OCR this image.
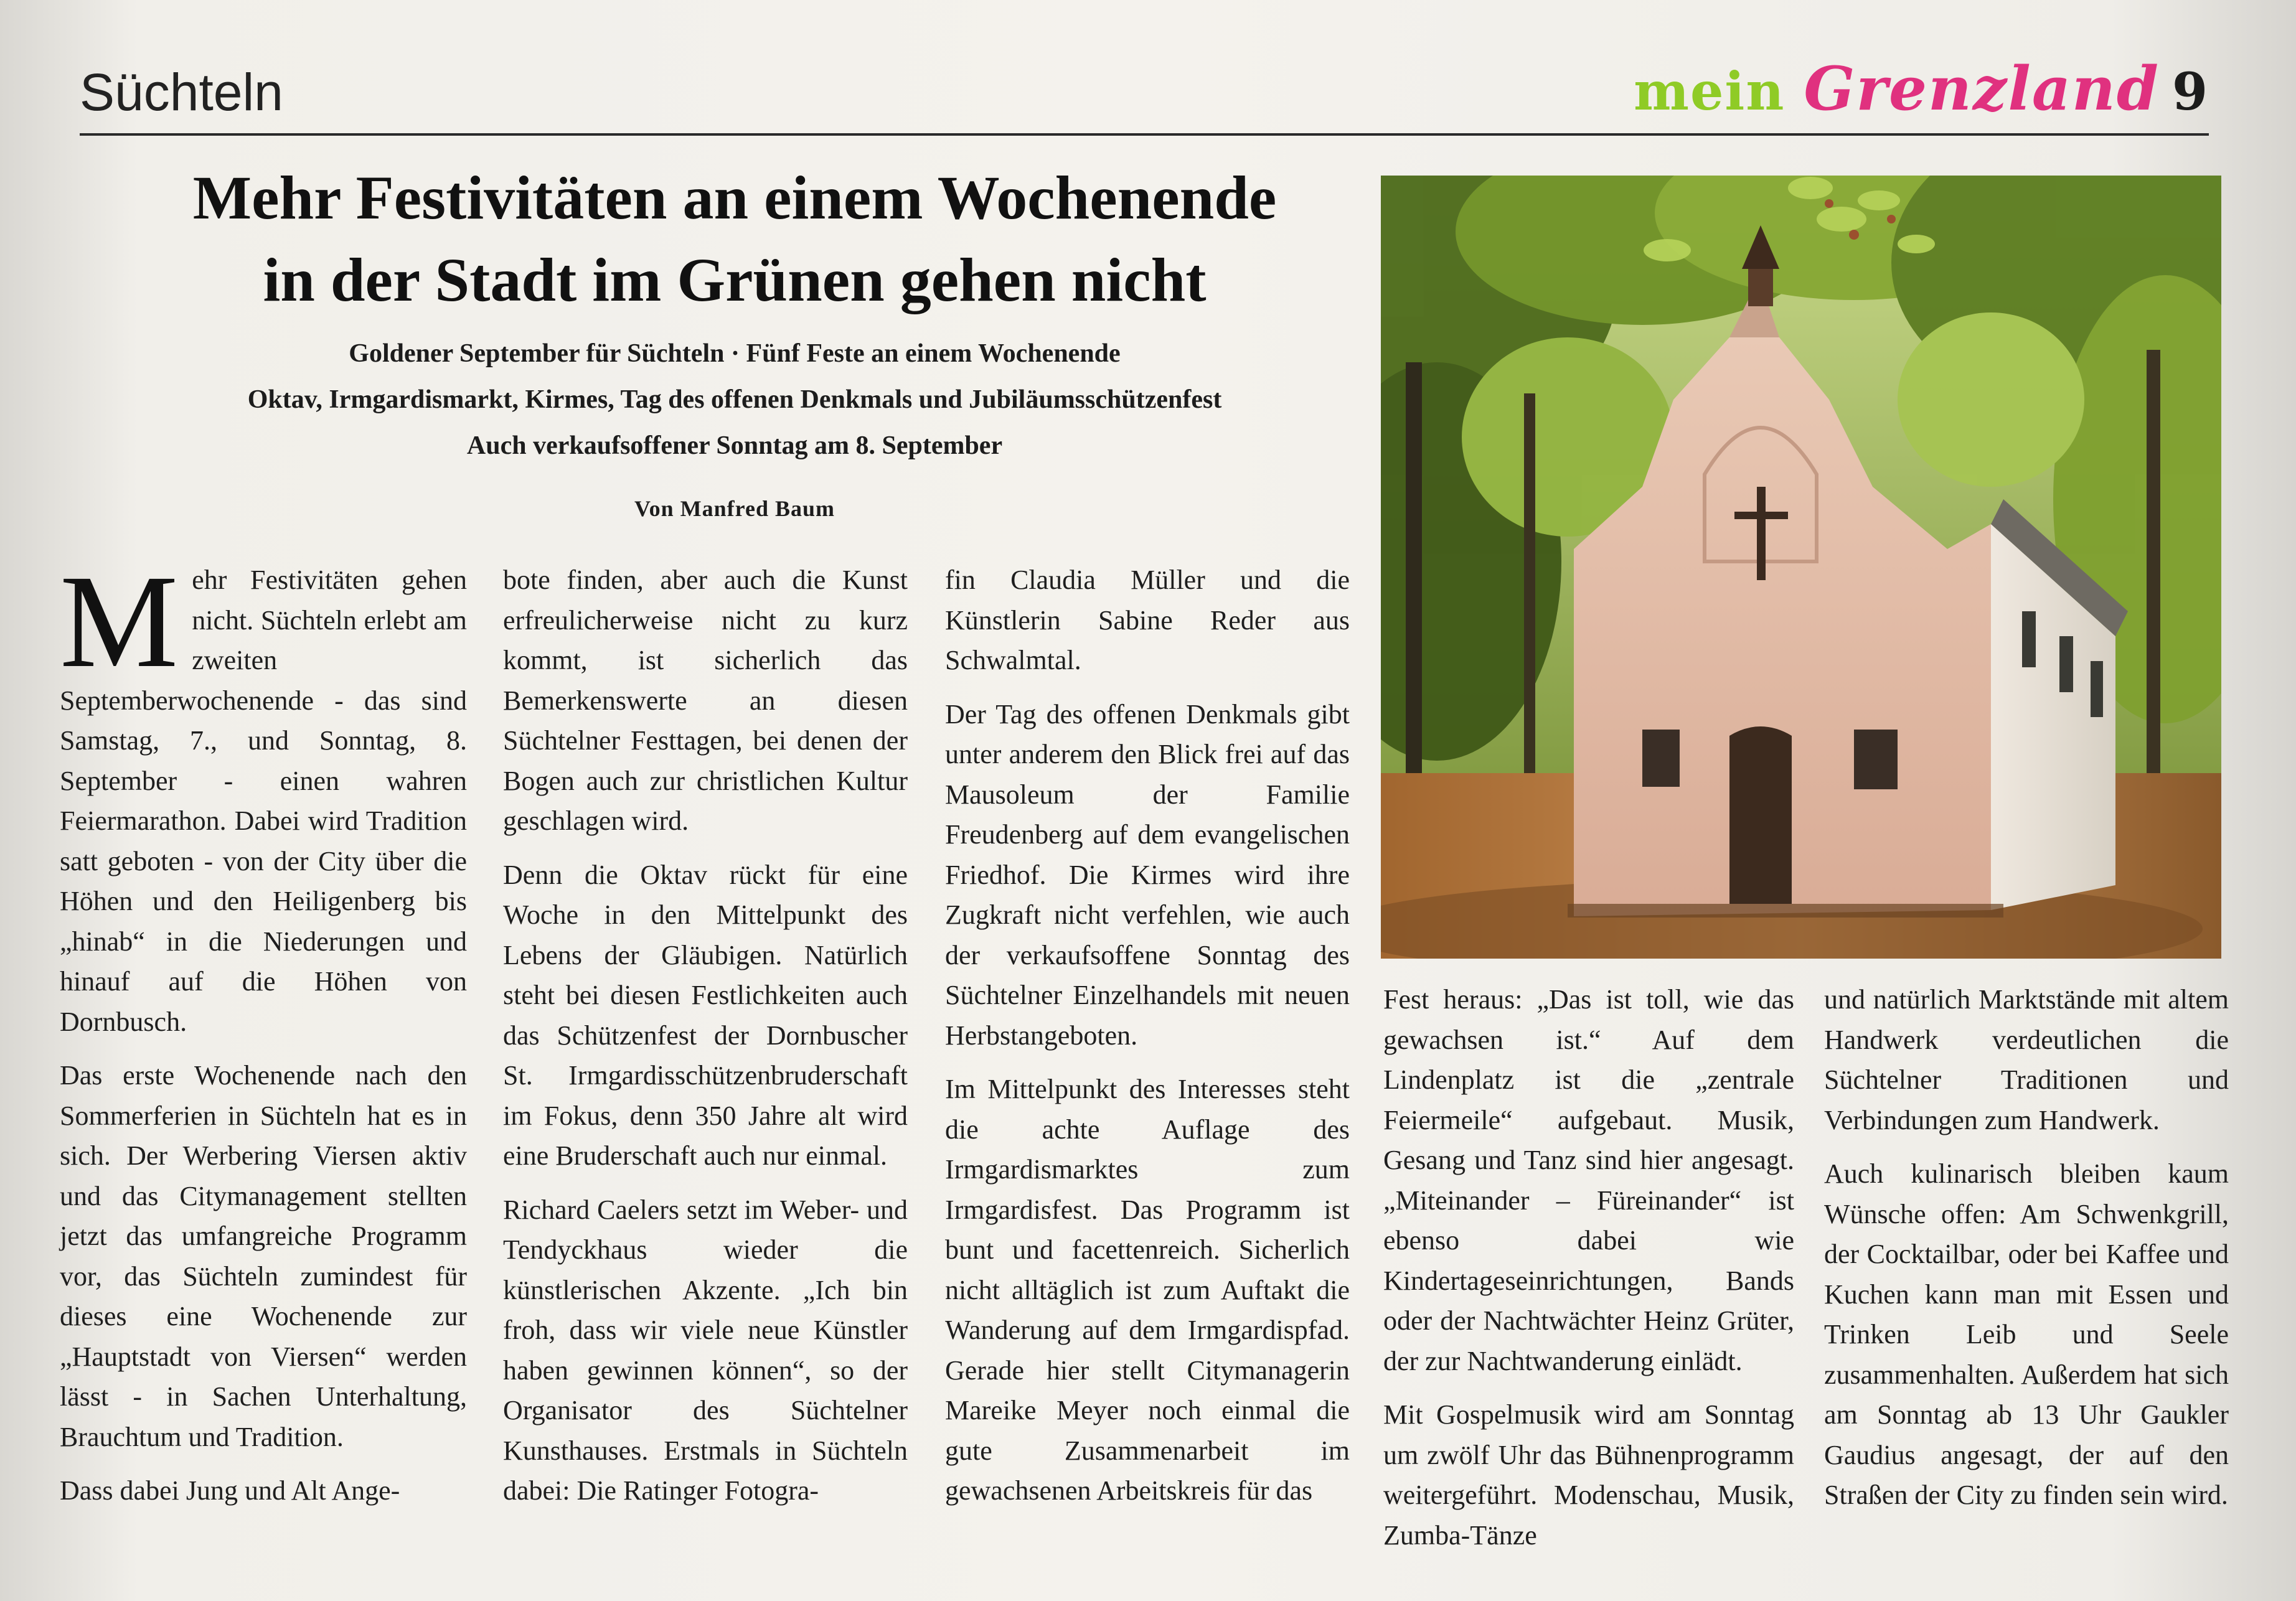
Süchteln	mein Grenzland 9
Mehr Festivitäten an einem Wochenende
in der Stadt im Grünen gehen nicht
Goldener September für Süchteln · Fünf Feste an einem Wochenende
Oktav, Irmgardismarkt, Kirmes, Tag des offenen Denkmals und Jubiläumsschützenfest
Auch verkaufsoffener Sonntag am 8. September
Von Manfred Baum
M ehr Festivitäten gehen nicht. Süchteln erlebt am zweiten Septemberwochenende - das sind Samstag, 7., und Sonntag, 8. September - einen wahren Feiermarathon. Dabei wird Tradition satt geboten - von der City über die Höhen und den Heiligenberg bis „hinab“ in die Niederungen und hinauf auf die Höhen von Dornbusch.

Das erste Wochenende nach den Sommerferien in Süchteln hat es in sich. Der Werbering Viersen aktiv und das Citymanagement stellten jetzt das umfangreiche Programm vor, das Süchteln zumindest für dieses eine Wochenende zur „Hauptstadt von Viersen“ werden lässt - in Sachen Unterhaltung, Brauchtum und Tradition.

Dass dabei Jung und Alt Ange-

bote finden, aber auch die Kunst erfreulicherweise nicht zu kurz kommt, ist sicherlich das Bemerkenswerte an diesen Süchtelner Festtagen, bei denen der Bogen auch zur christlichen Kultur geschlagen wird.

Denn die Oktav rückt für eine Woche in den Mittelpunkt des Lebens der Gläubigen. Natürlich steht bei diesen Festlichkeiten auch das Schützenfest der Dornbuscher St. Irmgardisschützenbruderschaft im Fokus, denn 350 Jahre alt wird eine Bruderschaft auch nur einmal.

Richard Caelers setzt im Weber- und Tendyckhaus wieder die künstlerischen Akzente. „Ich bin froh, dass wir viele neue Künstler haben gewinnen können“, so der Organisator des Süchtelner Kunsthauses. Erstmals in Süchteln dabei: Die Ratinger Fotogra-

fin Claudia Müller und die Künstlerin Sabine Reder aus Schwalmtal.

Der Tag des offenen Denkmals gibt unter anderem den Blick frei auf das Mausoleum der Familie Freudenberg auf dem evangelischen Friedhof. Die Kirmes wird ihre Zugkraft nicht verfehlen, wie auch der verkaufsoffene Sonntag des Süchtelner Einzelhandels mit neuen Herbstangeboten.

Im Mittelpunkt des Interesses steht die achte Auflage des Irmgardismarktes zum Irmgardisfest. Das Programm ist bunt und facettenreich. Sicherlich nicht alltäglich ist zum Auftakt die Wanderung auf dem Irmgardispfad. Gerade hier stellt Citymanagerin Mareike Meyer noch einmal die gute Zusammenarbeit im gewachsenen Arbeitskreis für das

Fest heraus: „Das ist toll, wie das gewachsen ist.“ Auf dem Lindenplatz ist die „zentrale Feiermeile“ aufgebaut. Musik, Gesang und Tanz sind hier angesagt. „Miteinander – Füreinander“ ist ebenso dabei wie Kindertageseinrichtungen, Bands oder der Nachtwächter Heinz Grüter, der zur Nachtwanderung einlädt.

Mit Gospelmusik wird am Sonntag um zwölf Uhr das Bühnenprogramm weitergeführt. Modenschau, Musik, Zumba-Tänze

und natürlich Marktstände mit altem Handwerk verdeutlichen die Süchtelner Traditionen und Verbindungen zum Handwerk.

Auch kulinarisch bleiben kaum Wünsche offen: Am Schwenkgrill, der Cocktailbar, oder bei Kaffee und Kuchen kann man mit Essen und Trinken Leib und Seele zusammenhalten. Außerdem hat sich am Sonntag ab 13 Uhr Gaukler Gaudius angesagt, der auf den Straßen der City zu finden sein wird.
